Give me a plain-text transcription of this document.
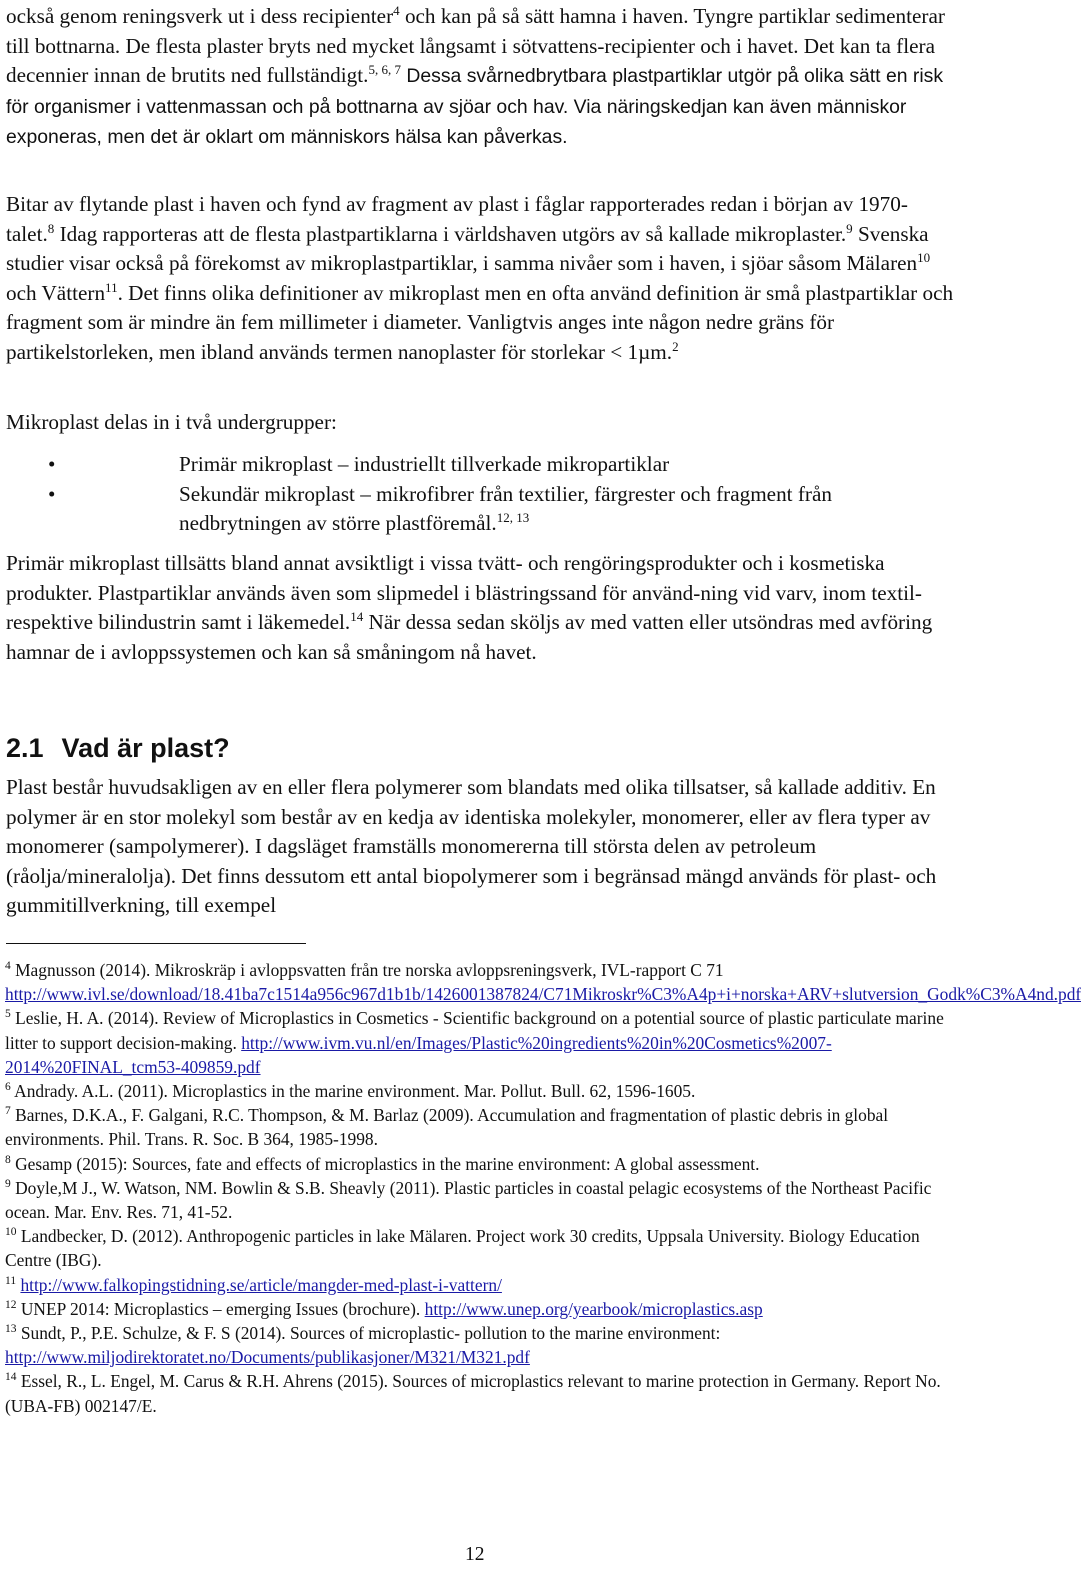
också genom reningsverk ut i dess recipienter$^4$ och kan på så sätt hamna i haven. Tyngre partiklar sedimenterar till bottnarna. De flesta plaster bryts ned mycket långsamt i sötvattens-recipienter och i havet. Det kan ta flera decennier innan de brutits ned fullständigt.$^{5, 6, 7}$ Dessa svårnedbrytbara plastpartiklar utgör på olika sätt en risk för organismer i vattenmassan och på bottnarna av sjöar och hav. Via näringskedjan kan även människor exponeras, men det är oklart om människors hälsa kan påverkas.

Bitar av flytande plast i haven och fynd av fragment av plast i fåglar rapporterades redan i början av 1970-talet.$^8$ Idag rapporteras att de flesta plastpartiklarna i världshaven utgörs av så kallade mikroplaster.$^9$ Svenska studier visar också på förekomst av mikroplastpartiklar, i samma nivåer som i haven, i sjöar såsom Mälaren$^{10}$ och Vättern$^{11}$. Det finns olika definitioner av mikroplast men en ofta använd definition är små plastpartiklar och fragment som är mindre än fem millimeter i diameter. Vanligtvis anges inte någon nedre gräns för partikelstorleken, men ibland används termen nanoplaster för storlekar < 1µm.$^2$

Mikroplast delas in i två undergrupper:

•	Primär mikroplast – industriellt tillverkade mikropartiklar
•	Sekundär mikroplast – mikrofibrer från textilier, färgrester och fragment från nedbrytningen av större plastföremål.$^{12, 13}$

Primär mikroplast tillsätts bland annat avsiktligt i vissa tvätt- och rengöringsprodukter och i kosmetiska produkter. Plastpartiklar används även som slipmedel i blästringssand för använd-ning vid varv, inom textil- respektive bilindustrin samt i läkemedel.$^{14}$ När dessa sedan sköljs av med vatten eller utsöndras med avföring hamnar de i avloppssystemen och kan så småningom nå havet.

2.1 Vad är plast?

Plast består huvudsakligen av en eller flera polymerer som blandats med olika tillsatser, så kallade additiv. En polymer är en stor molekyl som består av en kedja av identiska molekyler, monomerer, eller av flera typer av monomerer (sampolymerer). I dagsläget framställs monomererna till största delen av petroleum (råolja/mineralolja). Det finns dessutom ett antal biopolymerer som i begränsad mängd används för plast- och gummitillverkning, till exempel

$^4$ Magnusson (2014). Mikroskräp i avloppsvatten från tre norska avloppsreningsverk, IVL-rapport C 71 http://www.ivl.se/download/18.41ba7c1514a956c967d1b1b/1426001387824/C71Mikroskr%C3%A4p+i+norska+ARV+slutversion_Godk%C3%A4nd.pdf

$^5$ Leslie, H. A. (2014). Review of Microplastics in Cosmetics - Scientific background on a potential source of plastic particulate marine litter to support decision-making. http://www.ivm.vu.nl/en/Images/Plastic%20ingredients%20in%20Cosmetics%2007-2014%20FINAL_tcm53-409859.pdf

$^6$ Andrady. A.L. (2011). Microplastics in the marine environment. Mar. Pollut. Bull. 62, 1596-1605.

$^7$ Barnes, D.K.A., F. Galgani, R.C. Thompson, & M. Barlaz (2009). Accumulation and fragmentation of plastic debris in global environments. Phil. Trans. R. Soc. B 364, 1985-1998.

$^8$ Gesamp (2015): Sources, fate and effects of microplastics in the marine environment: A global assessment.

$^9$ Doyle,M J., W. Watson, NM. Bowlin & S.B. Sheavly (2011). Plastic particles in coastal pelagic ecosystems of the Northeast Pacific ocean. Mar. Env. Res. 71, 41-52.

$^{10}$ Landbecker, D. (2012). Anthropogenic particles in lake Mälaren. Project work 30 credits, Uppsala University. Biology Education Centre (IBG).

$^{11}$ http://www.falkopingstidning.se/article/mangder-med-plast-i-vattern/

$^{12}$ UNEP 2014: Microplastics – emerging Issues (brochure). http://www.unep.org/yearbook/microplastics.asp

$^{13}$ Sundt, P., P.E. Schulze, & F. S (2014). Sources of microplastic- pollution to the marine environment: http://www.miljodirektoratet.no/Documents/publikasjoner/M321/M321.pdf

$^{14}$ Essel, R., L. Engel, M. Carus & R.H. Ahrens (2015). Sources of microplastics relevant to marine protection in Germany. Report No. (UBA-FB) 002147/E.

12
